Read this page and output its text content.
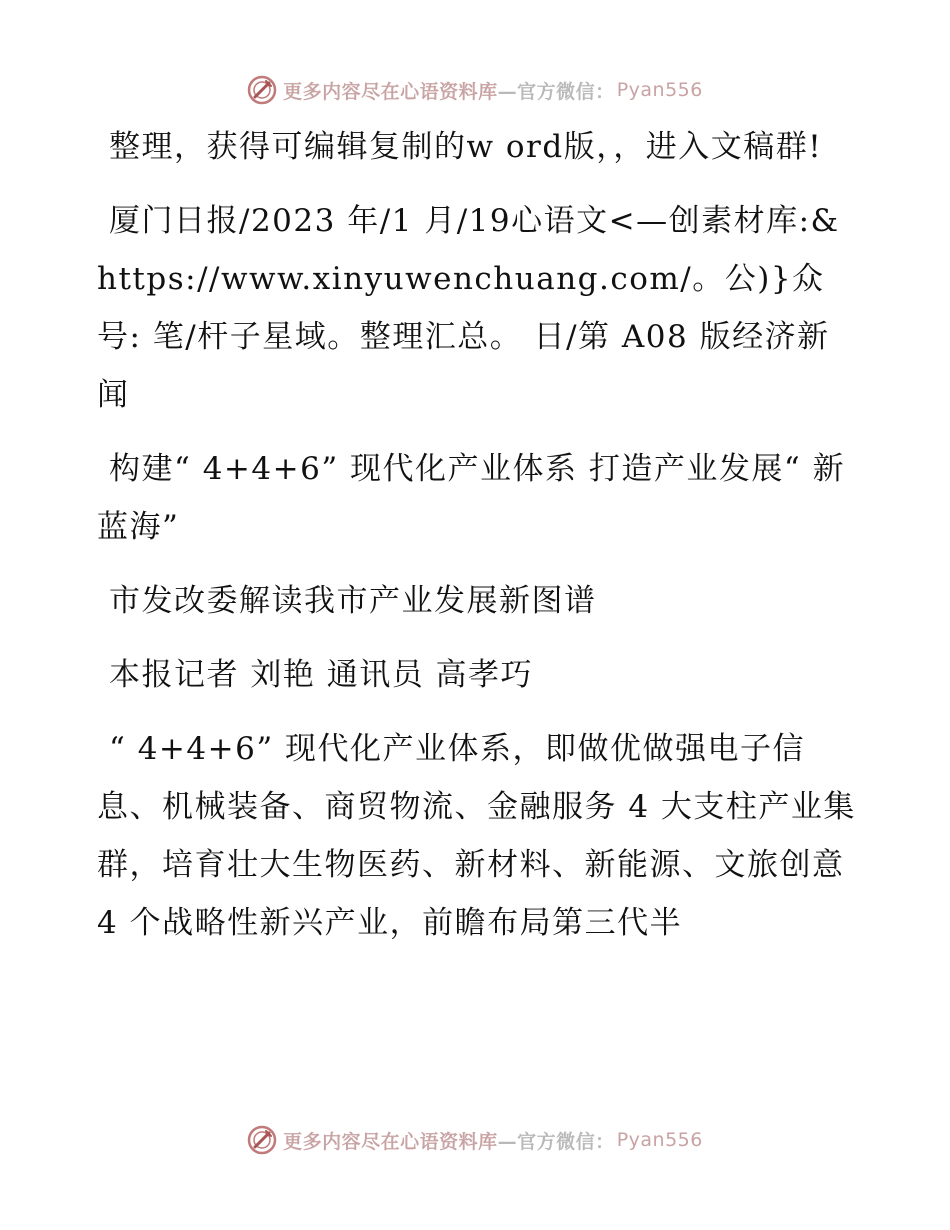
更多内容尽在心语资料库 —官方微信： Pyan556

整理，获得可编辑复制的w ord版，，进入文稿群!

厦门日报/2023 年/1 月/19心语文<—创素材库:&https://www.xinyuwenchuang.com/。公)}众号: 笔/杆子星域。整理汇总。 日/第 A08 版经济新闻

构建“ 4+4+6” 现代化产业体系 打造产业发展“ 新蓝海”

市发改委解读我市产业发展新图谱

本报记者 刘艳 通讯员 高孝巧

“ 4+4+6” 现代化产业体系，即做优做强电子信息、机械装备、商贸物流、金融服务 4 大支柱产业集群，培育壮大生物医药、新材料、新能源、文旅创意 4 个战略性新兴产业，前瞻布局第三代半

更多内容尽在心语资料库 —官方微信： Pyan556
